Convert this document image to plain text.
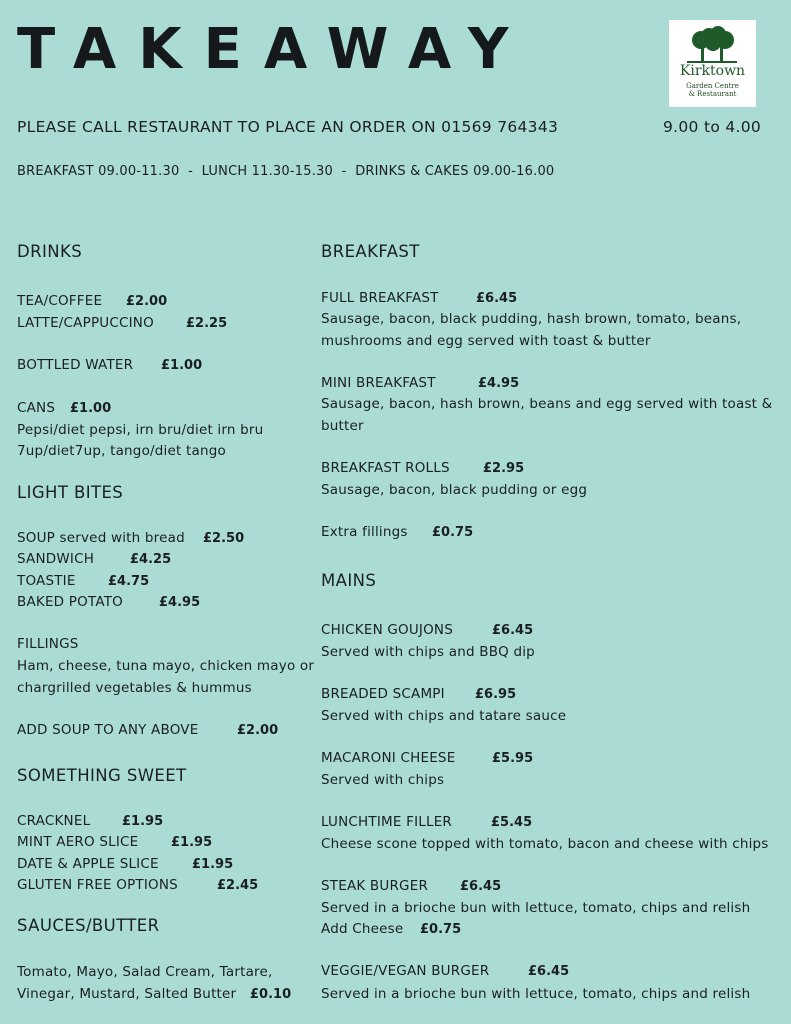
TAKEAWAY	Kirktown
Garden Centre
& Restaurant
PLEASE CALL RESTAURANT TO PLACE AN ORDER ON 01569 764343	9.00 to 4.00
BREAKFAST 09.00-11.30  -  LUNCH 11.30-15.30  -  DRINKS & CAKES 09.00-16.00
DRINKS
TEA/COFFEE £2.00
LATTE/CAPPUCCINO £2.25
BOTTLED WATER £1.00
CANS £1.00
Pepsi/diet pepsi, irn bru/diet irn bru
7up/diet7up, tango/diet tango
LIGHT BITES
SOUP served with bread £2.50
SANDWICH	£4.25
TOASTIE £4.75
BAKED POTATO	£4.95
FILLINGS
Ham, cheese, tuna mayo, chicken mayo or
chargrilled vegetables & hummus
ADD SOUP TO ANY ABOVE	£2.00
SOMETHING SWEET
CRACKNEL £1.95
MINT AERO SLICE	£1.95
DATE & APPLE SLICE	£1.95
GLUTEN FREE OPTIONS	£2.45
SAUCES/BUTTER
Tomato, Mayo, Salad Cream, Tartare,
Vinegar, Mustard, Salted Butter £0.10
BREAKFAST
FULL BREAKFAST	£6.45
Sausage, bacon, black pudding, hash brown, tomato, beans, mushrooms and egg served with toast & butter
MINI BREAKFAST	£4.95
Sausage, bacon, hash brown, beans and egg served with toast & butter
BREAKFAST ROLLS	£2.95
Sausage, bacon, black pudding or egg
Extra fillings £0.75
MAINS
CHICKEN GOUJONS	£6.45
Served with chips and BBQ dip
BREADED SCAMPI £6.95
Served with chips and tatare sauce
MACARONI CHEESE	£5.95
Served with chips
LUNCHTIME FILLER	£5.45
Cheese scone topped with tomato, bacon and cheese with chips
STEAK BURGER £6.45
Served in a brioche bun with lettuce, tomato, chips and relish
Add Cheese £0.75
VEGGIE/VEGAN BURGER	£6.45
Served in a brioche bun with lettuce, tomato, chips and relish
